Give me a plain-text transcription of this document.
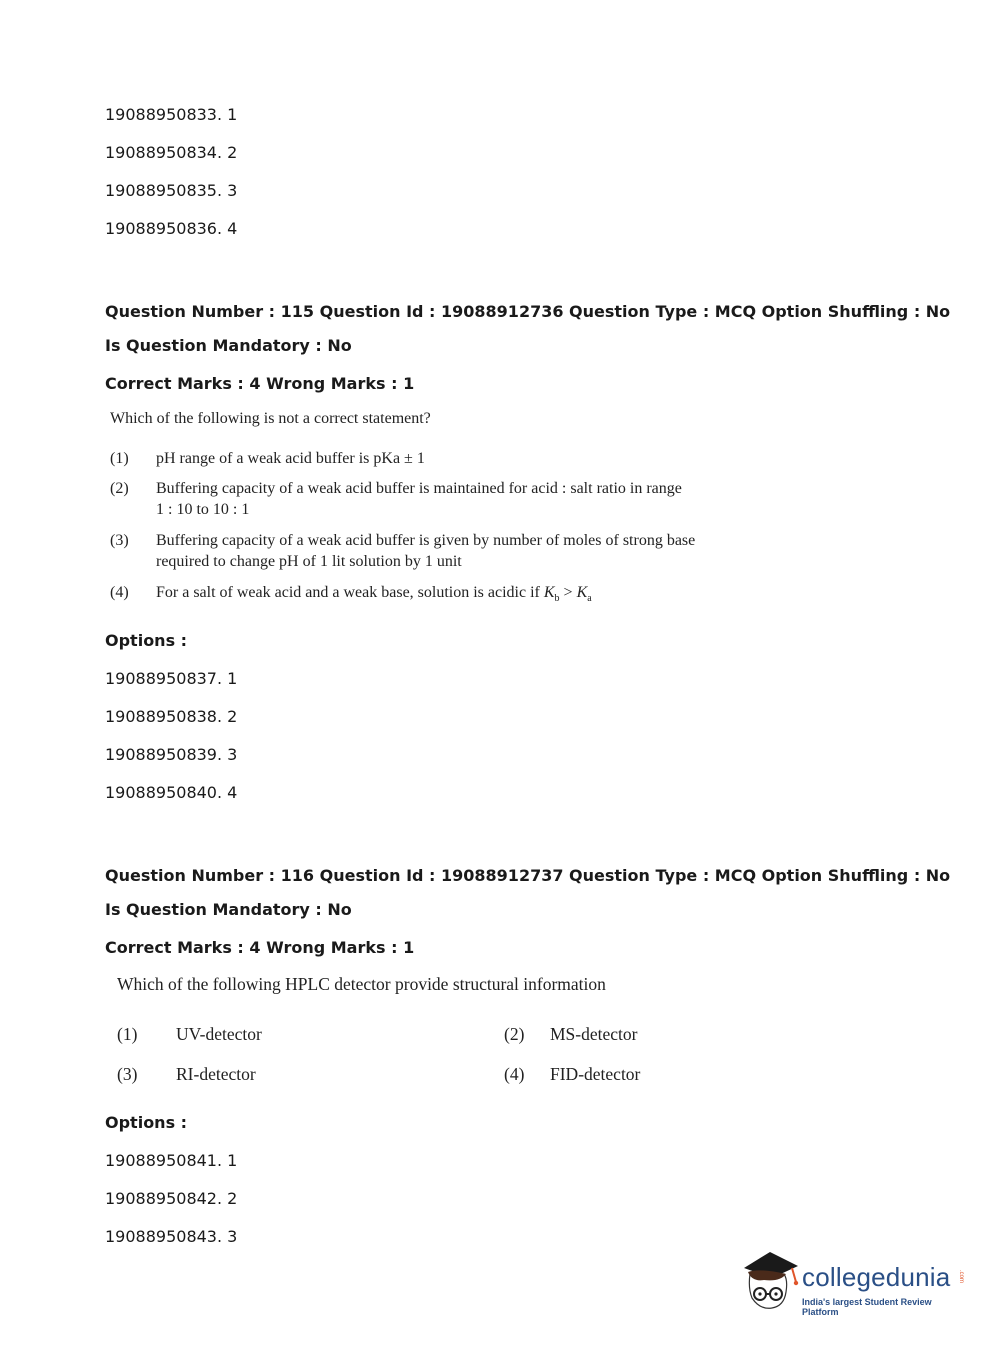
19088950833. 1
19088950834. 2
19088950835. 3
19088950836. 4
Question Number : 115 Question Id : 19088912736 Question Type : MCQ Option Shuffling : No
Is Question Mandatory : No
Correct Marks : 4 Wrong Marks : 1
Which of the following is not a correct statement?
(1) pH range of a weak acid buffer is pKa ± 1
(2) Buffering capacity of a weak acid buffer is maintained for acid : salt ratio in range
1 : 10 to 10 : 1
(3) Buffering capacity of a weak acid buffer is given by number of moles of strong base
required to change pH of 1 lit solution by 1 unit
(4) For a salt of weak acid and a weak base, solution is acidic if $K_b > K_a$
Options :
19088950837. 1
19088950838. 2
19088950839. 3
19088950840. 4
Question Number : 116 Question Id : 19088912737 Question Type : MCQ Option Shuffling : No
Is Question Mandatory : No
Correct Marks : 4 Wrong Marks : 1
Which of the following HPLC detector provide structural information
(1) UV-detector	(2) MS-detector
(3) RI-detector	(4) FID-detector
Options :
19088950841. 1
19088950842. 2
19088950843. 3
collegedunia .com
India's largest Student Review Platform
